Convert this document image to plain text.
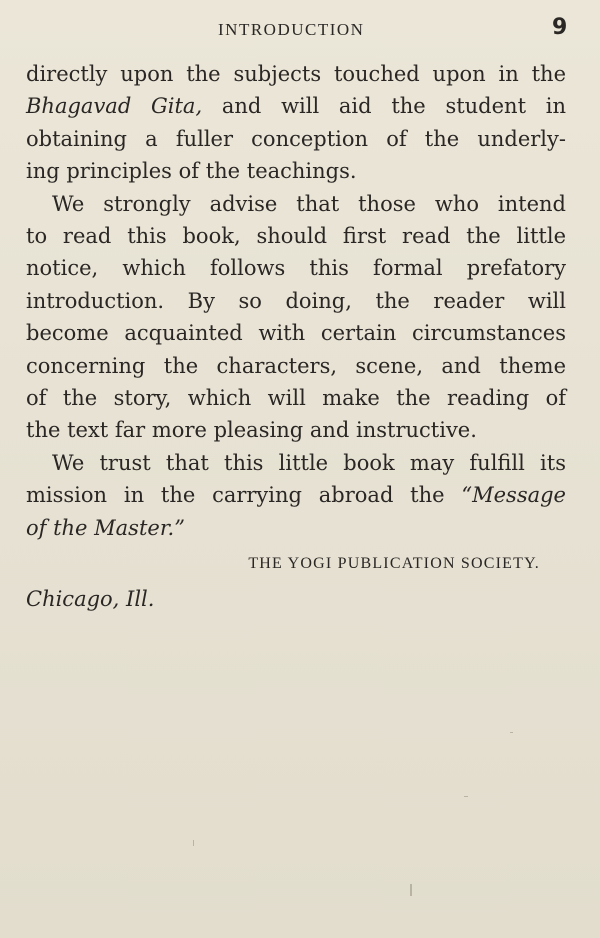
INTRODUCTION	9
directly upon the subjects touched upon in the
Bhagavad Gita, and will aid the student in
obtaining a fuller conception of the underly-
ing principles of the teachings.
We strongly advise that those who intend
to read this book, should first read the little
notice, which follows this formal prefatory
introduction. By so doing, the reader will
become acquainted with certain circumstances
concerning the characters, scene, and theme
of the story, which will make the reading of
the text far more pleasing and instructive.
We trust that this little book may fulfill its
mission in the carrying abroad the “Message
of the Master.”
THE YOGI PUBLICATION SOCIETY.
Chicago, Ill.
